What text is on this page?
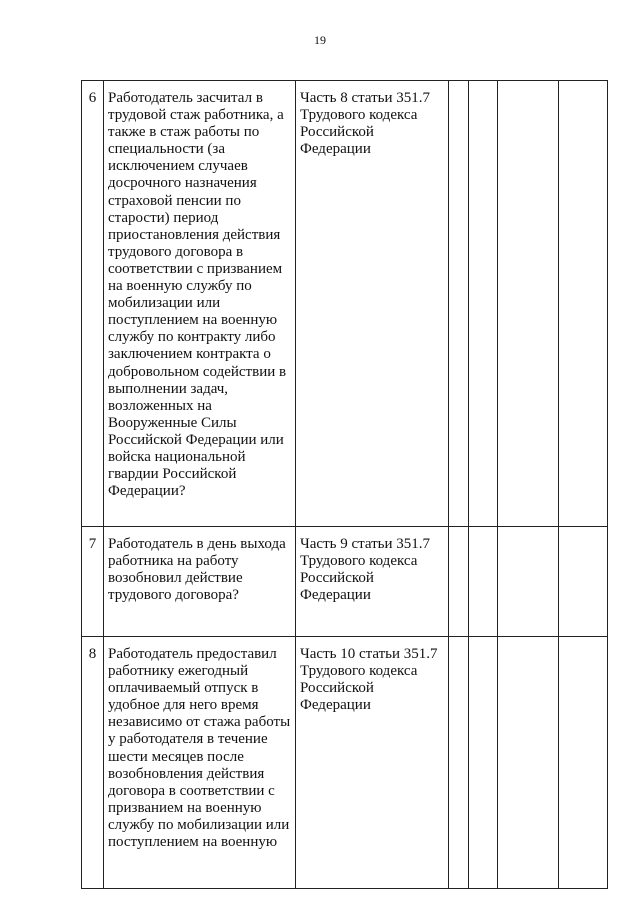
19
6	Работодатель засчитал в трудовой стаж работника, а также в стаж работы по специальности (за исключением случаев досрочного назначения страховой пенсии по старости) период приостановления действия трудового договора в соответствии с призванием на военную службу по мобилизации или поступлением на военную службу по контракту либо заключением контракта о добровольном содействии в выполнении задач, возложенных на Вооруженные Силы Российской Федерации или войска национальной гвардии Российской Федерации?	Часть 8 статьи 351.7 Трудового кодекса Российской Федерации				

7	Работодатель в день выхода работника на работу возобновил действие трудового договора?	Часть 9 статьи 351.7 Трудового кодекса Российской Федерации				

8	Работодатель предоставил работнику ежегодный оплачиваемый отпуск в удобное для него время независимо от стажа работы у работодателя в течение шести месяцев после возобновления действия договора в соответствии с призванием на военную службу по мобилизации или поступлением на военную	Часть 10 статьи 351.7 Трудового кодекса Российской Федерации				
